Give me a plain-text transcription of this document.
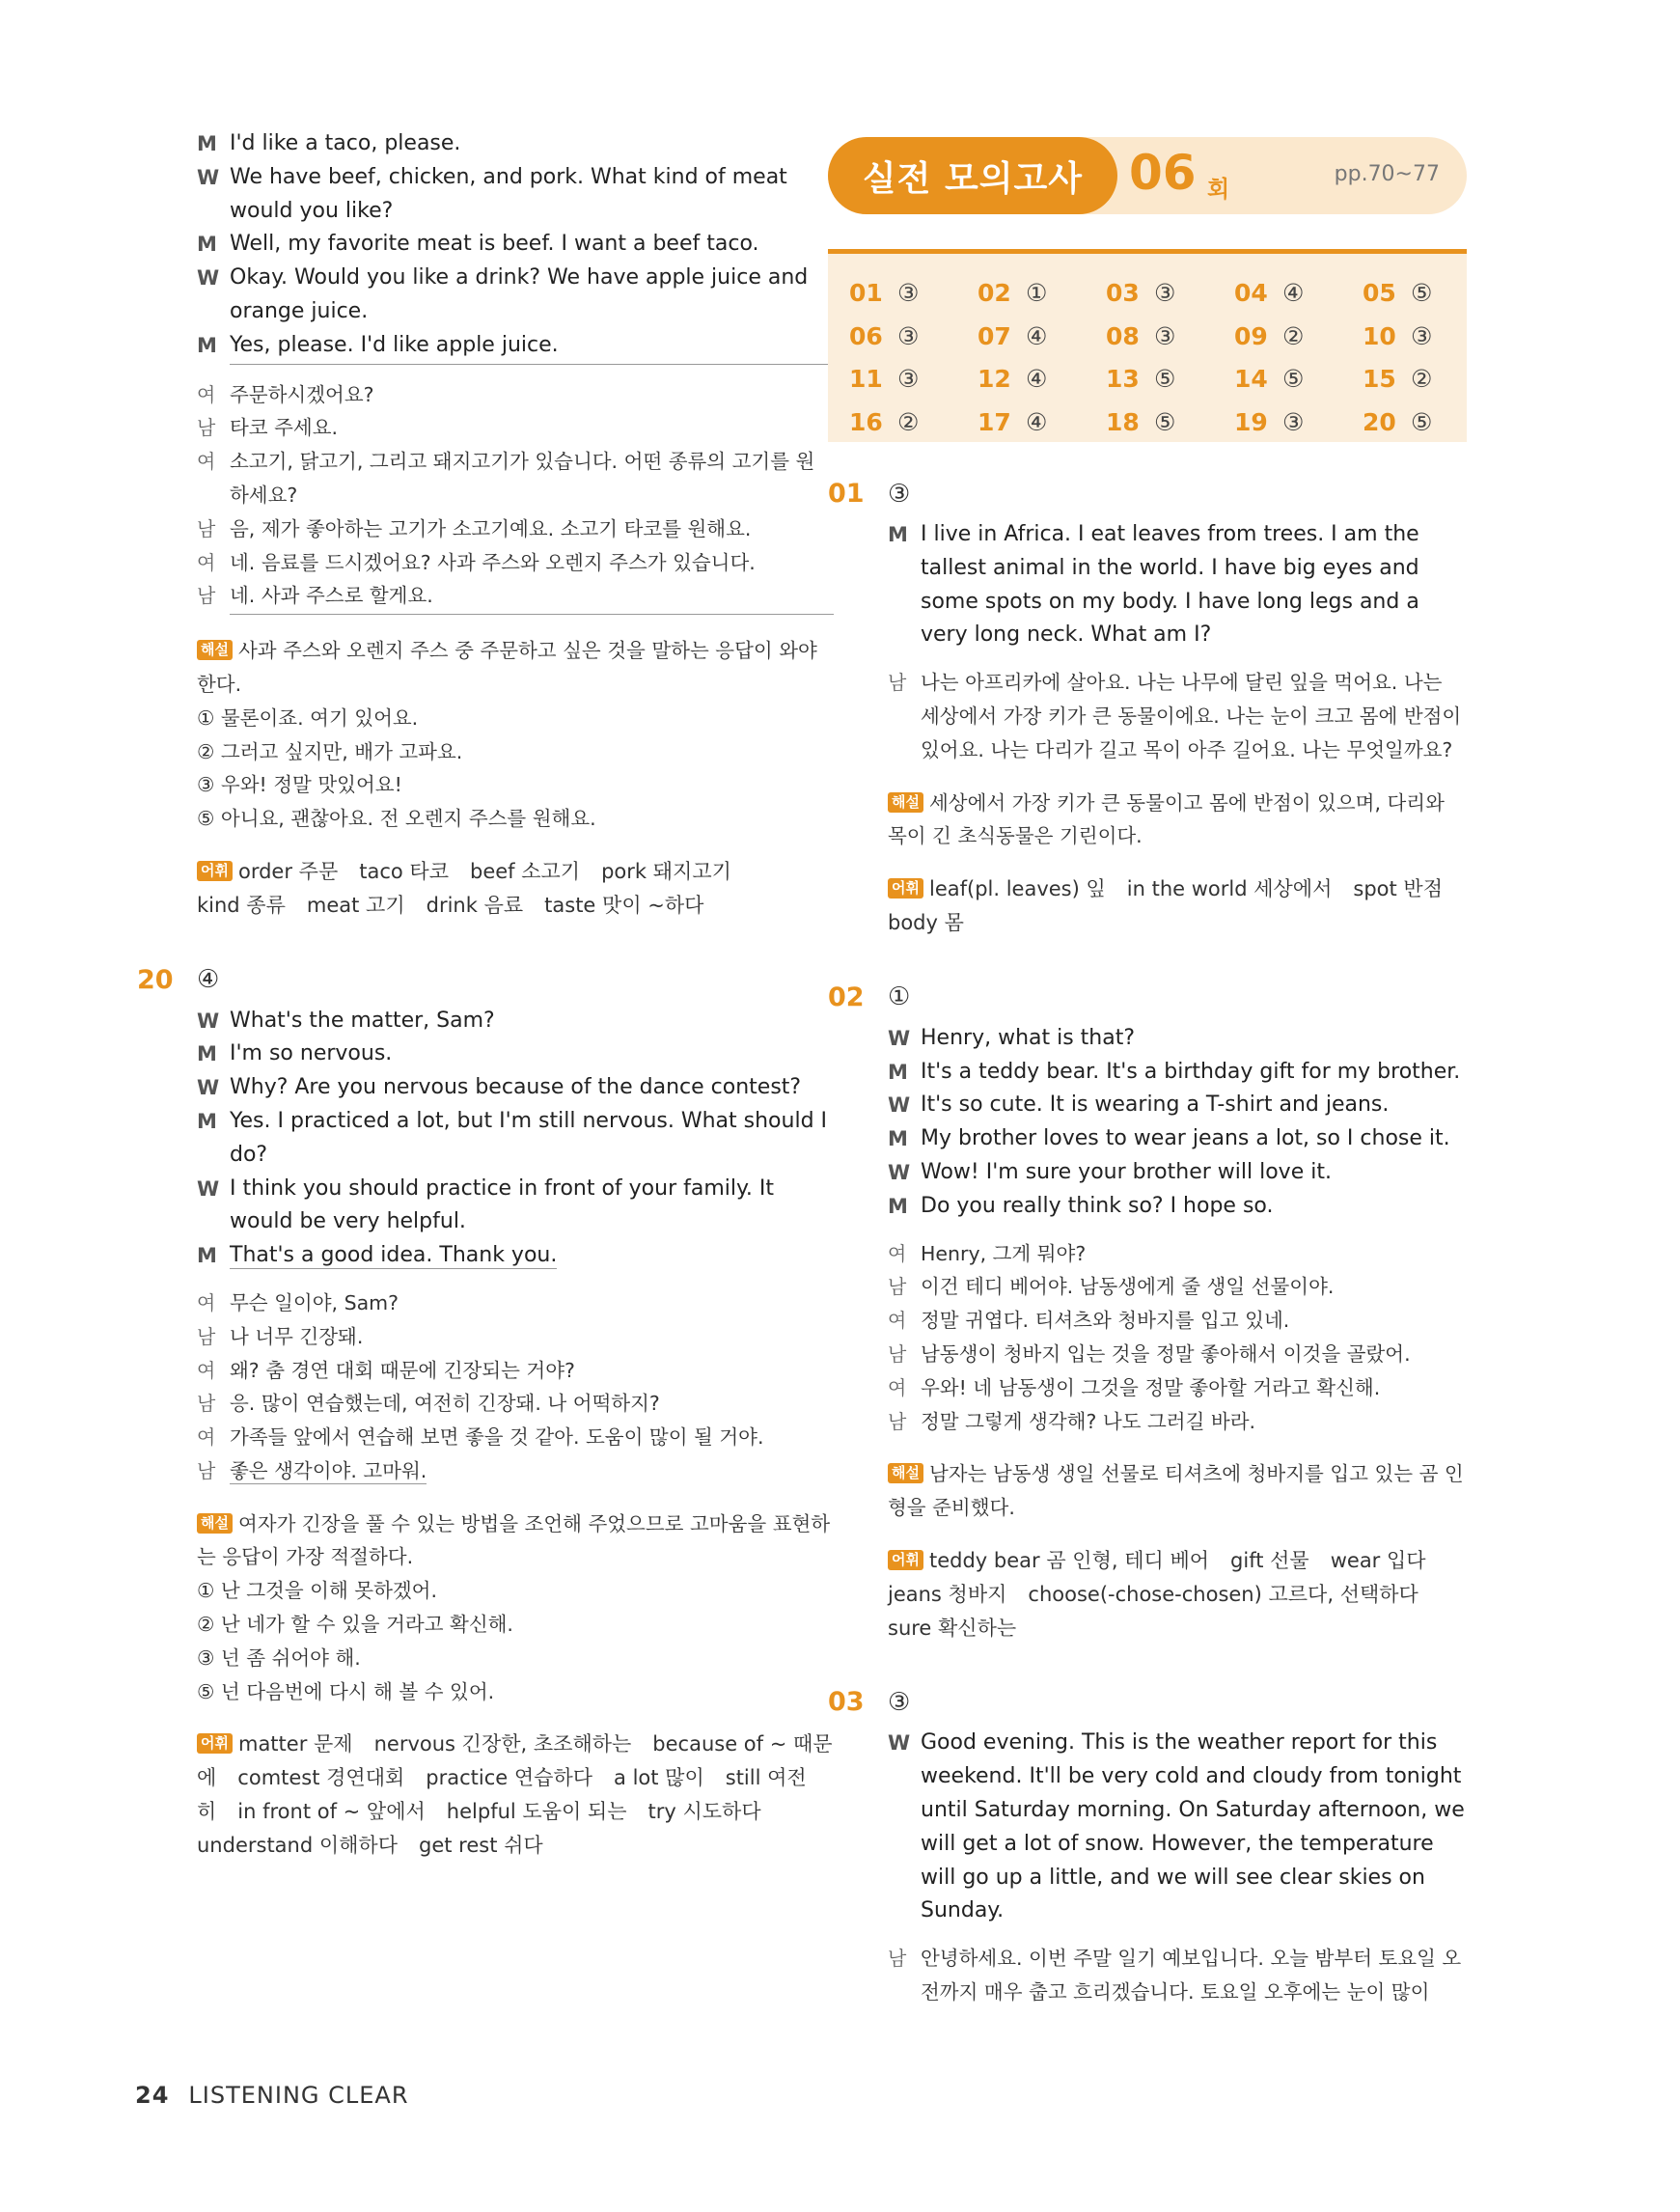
M I'd like a taco, please.
W We have beef, chicken, and pork. What kind of meat would you like?
M Well, my favorite meat is beef. I want a beef taco.
W Okay. Would you like a drink? We have apple juice and orange juice.
M Yes, please. I'd like apple juice.
여 주문하시겠어요?
남 타코 주세요.
여 소고기, 닭고기, 그리고 돼지고기가 있습니다. 어떤 종류의 고기를 원하세요?
남 음, 제가 좋아하는 고기가 소고기예요. 소고기 타코를 원해요.
여 네. 음료를 드시겠어요? 사과 주스와 오렌지 주스가 있습니다.
남 네. 사과 주스로 할게요.
해설 사과 주스와 오렌지 주스 중 주문하고 싶은 것을 말하는 응답이 와야 한다.
① 물론이죠. 여기 있어요.
② 그러고 싶지만, 배가 고파요.
③ 우와! 정말 맛있어요!
⑤ 아니요, 괜찮아요. 전 오렌지 주스를 원해요.
어휘 order 주문 taco 타코 beef 소고기 pork 돼지고기
kind 종류 meat 고기 drink 음료 taste 맛이 ~하다
20 ④
W What's the matter, Sam?
M I'm so nervous.
W Why? Are you nervous because of the dance contest?
M Yes. I practiced a lot, but I'm still nervous. What should I do?
W I think you should practice in front of your family. It would be very helpful.
M That's a good idea. Thank you.
여 무슨 일이야, Sam?
남 나 너무 긴장돼.
여 왜? 춤 경연 대회 때문에 긴장되는 거야?
남 응. 많이 연습했는데, 여전히 긴장돼. 나 어떡하지?
여 가족들 앞에서 연습해 보면 좋을 것 같아. 도움이 많이 될 거야.
남 좋은 생각이야. 고마워.
해설 여자가 긴장을 풀 수 있는 방법을 조언해 주었으므로 고마움을 표현하는 응답이 가장 적절하다.
① 난 그것을 이해 못하겠어.
② 난 네가 할 수 있을 거라고 확신해.
③ 넌 좀 쉬어야 해.
⑤ 넌 다음번에 다시 해 볼 수 있어.
어휘 matter 문제 nervous 긴장한, 초조해하는 because of ~ 때문에 comtest 경연대회 practice 연습하다 a lot 많이 still 여전히 in front of ~ 앞에서 helpful 도움이 되는 try 시도하다understand 이해하다 get rest 쉬다
실전 모의고사 06 회
pp.70~77
01 ③	02 ①	03 ③	04 ④	05 ⑤
06 ③	07 ④	08 ③	09 ②	10 ③
11 ③	12 ④	13 ⑤	14 ⑤	15 ②
16 ②	17 ④	18 ⑤	19 ③	20 ⑤
01 ③
M I live in Africa. I eat leaves from trees. I am the tallest animal in the world. I have big eyes and some spots on my body. I have long legs and a very long neck. What am I?
남 나는 아프리카에 살아요. 나는 나무에 달린 잎을 먹어요. 나는 세상에서 가장 키가 큰 동물이에요. 나는 눈이 크고 몸에 반점이 있어요. 나는 다리가 길고 목이 아주 길어요. 나는 무엇일까요?
해설 세상에서 가장 키가 큰 동물이고 몸에 반점이 있으며, 다리와 목이 긴 초식동물은 기린이다.
어휘 leaf(pl. leaves) 잎 in the world 세상에서 spot 반점body 몸
02 ①
W Henry, what is that?
M It's a teddy bear. It's a birthday gift for my brother.
W It's so cute. It is wearing a T-shirt and jeans.
M My brother loves to wear jeans a lot, so I chose it.
W Wow! I'm sure your brother will love it.
M Do you really think so? I hope so.
여 Henry, 그게 뭐야?
남 이건 테디 베어야. 남동생에게 줄 생일 선물이야.
여 정말 귀엽다. 티셔츠와 청바지를 입고 있네.
남 남동생이 청바지 입는 것을 정말 좋아해서 이것을 골랐어.
여 우와! 네 남동생이 그것을 정말 좋아할 거라고 확신해.
남 정말 그렇게 생각해? 나도 그러길 바라.
해설 남자는 남동생 생일 선물로 티셔츠에 청바지를 입고 있는 곰 인형을 준비했다.
어휘 teddy bear 곰 인형, 테디 베어 gift 선물 wear 입다jeans 청바지 choose(-chose-chosen) 고르다, 선택하다sure 확신하는
03 ③
W Good evening. This is the weather report for this weekend. It'll be very cold and cloudy from tonight until Saturday morning. On Saturday afternoon, we will get a lot of snow. However, the temperature will go up a little, and we will see clear skies on Sunday.
남 안녕하세요. 이번 주말 일기 예보입니다. 오늘 밤부터 토요일 오전까지 매우 춥고 흐리겠습니다. 토요일 오후에는 눈이 많이
24 LISTENING CLEAR
